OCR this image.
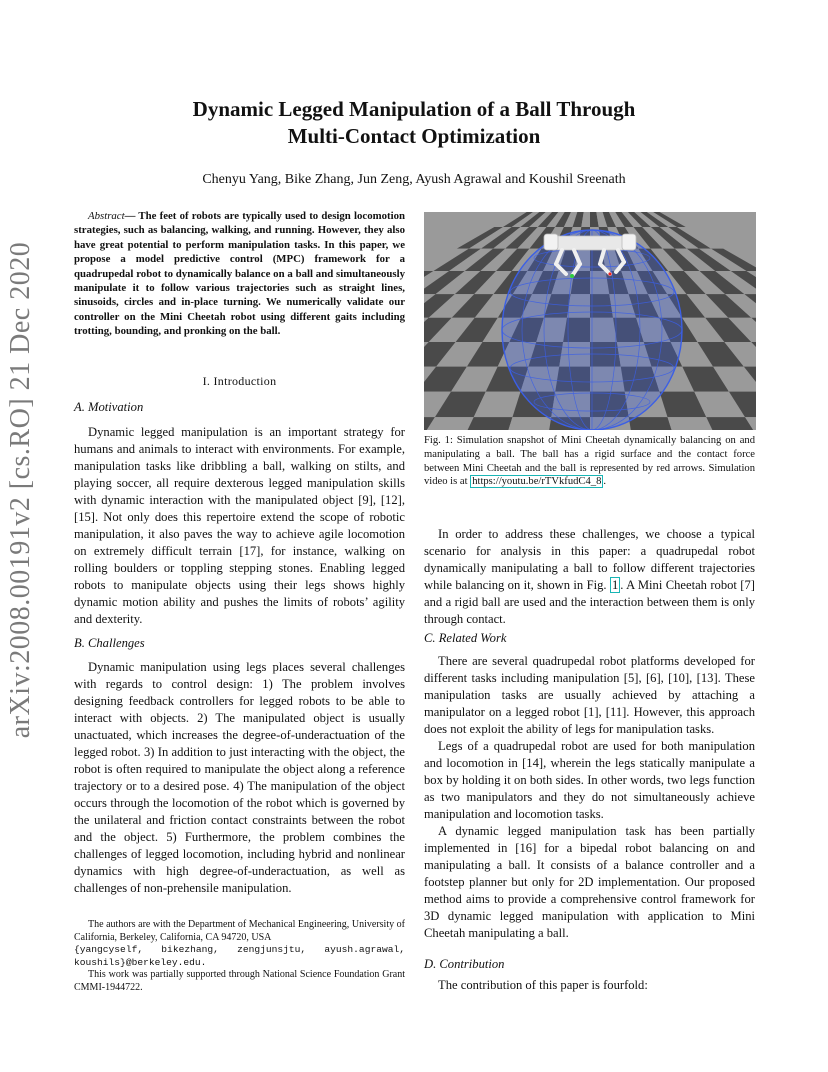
Dynamic Legged Manipulation of a Ball Through
Multi-Contact Optimization
Chenyu Yang, Bike Zhang, Jun Zeng, Ayush Agrawal and Koushil Sreenath
arXiv:2008.00191v2 [cs.RO] 21 Dec 2020

Abstract— The feet of robots are typically used to design locomotion strategies, such as balancing, walking, and running. However, they also have great potential to perform manipulation tasks. In this paper, we propose a model predictive control (MPC) framework for a quadrupedal robot to dynamically balance on a ball and simultaneously manipulate it to follow various trajectories such as straight lines, sinusoids, circles and in-place turning. We numerically validate our controller on the Mini Cheetah robot using different gaits including trotting, bounding, and pronking on the ball.

I. Introduction
A. Motivation

Dynamic legged manipulation is an important strategy for humans and animals to interact with environments. For example, manipulation tasks like dribbling a ball, walking on stilts, and playing soccer, all require dexterous legged manipulation skills with dynamic interaction with the manipulated object [9], [12], [15]. Not only does this repertoire extend the scope of robotic manipulation, it also paves the way to achieve agile locomotion on extremely difficult terrain [17], for instance, walking on rolling boulders or toppling stepping stones. Enabling legged robots to manipulate objects using their legs shows highly dynamic motion ability and pushes the limits of robots’ agility and dexterity.

B. Challenges

Dynamic manipulation using legs places several challenges with regards to control design: 1) The problem involves designing feedback controllers for legged robots to be able to interact with objects. 2) The manipulated object is usually unactuated, which increases the degree-of-underactuation of the legged robot. 3) In addition to just interacting with the object, the robot is often required to manipulate the object along a reference trajectory or to a desired pose. 4) The manipulation of the object occurs through the locomotion of the robot which is governed by the unilateral and friction contact constraints between the robot and the object. 5) Furthermore, the problem combines the challenges of legged locomotion, including hybrid and nonlinear dynamics with high degree-of-underactuation, as well as challenges of non-prehensile manipulation.

The authors are with the Department of Mechanical Engineering, University of California, Berkeley, California, CA 94720, USA

{yangcyself, bikezhang, zengjunsjtu, ayush.agrawal, koushils}@berkeley.edu.

This work was partially supported through National Science Foundation Grant CMMI-1944722.

Fig. 1: Simulation snapshot of Mini Cheetah dynamically balancing on and manipulating a ball. The ball has a rigid surface and the contact force between Mini Cheetah and the ball is represented by red arrows. Simulation video is at https://youtu.be/rTVkfudC4_8 .

In order to address these challenges, we choose a typical scenario for analysis in this paper: a quadrupedal robot dynamically manipulating a ball to follow different trajectories while balancing on it, shown in Fig. 1 . A Mini Cheetah robot [7] and a rigid ball are used and the interaction between them is only through contact.

C. Related Work

There are several quadrupedal robot platforms developed for different tasks including manipulation [5], [6], [10], [13]. These manipulation tasks are usually achieved by attaching a manipulator on a legged robot [1], [11]. However, this approach does not exploit the ability of legs for manipulation tasks.

Legs of a quadrupedal robot are used for both manipulation and locomotion in [14], wherein the legs statically manipulate a box by holding it on both sides. In other words, two legs function as two manipulators and they do not simultaneously achieve manipulation and locomotion tasks.

A dynamic legged manipulation task has been partially implemented in [16] for a bipedal robot balancing on and manipulating a ball. It consists of a balance controller and a footstep planner but only for 2D implementation. Our proposed method aims to provide a comprehensive control framework for 3D dynamic legged manipulation with application to Mini Cheetah manipulating a ball.

D. Contribution

The contribution of this paper is fourfold:
